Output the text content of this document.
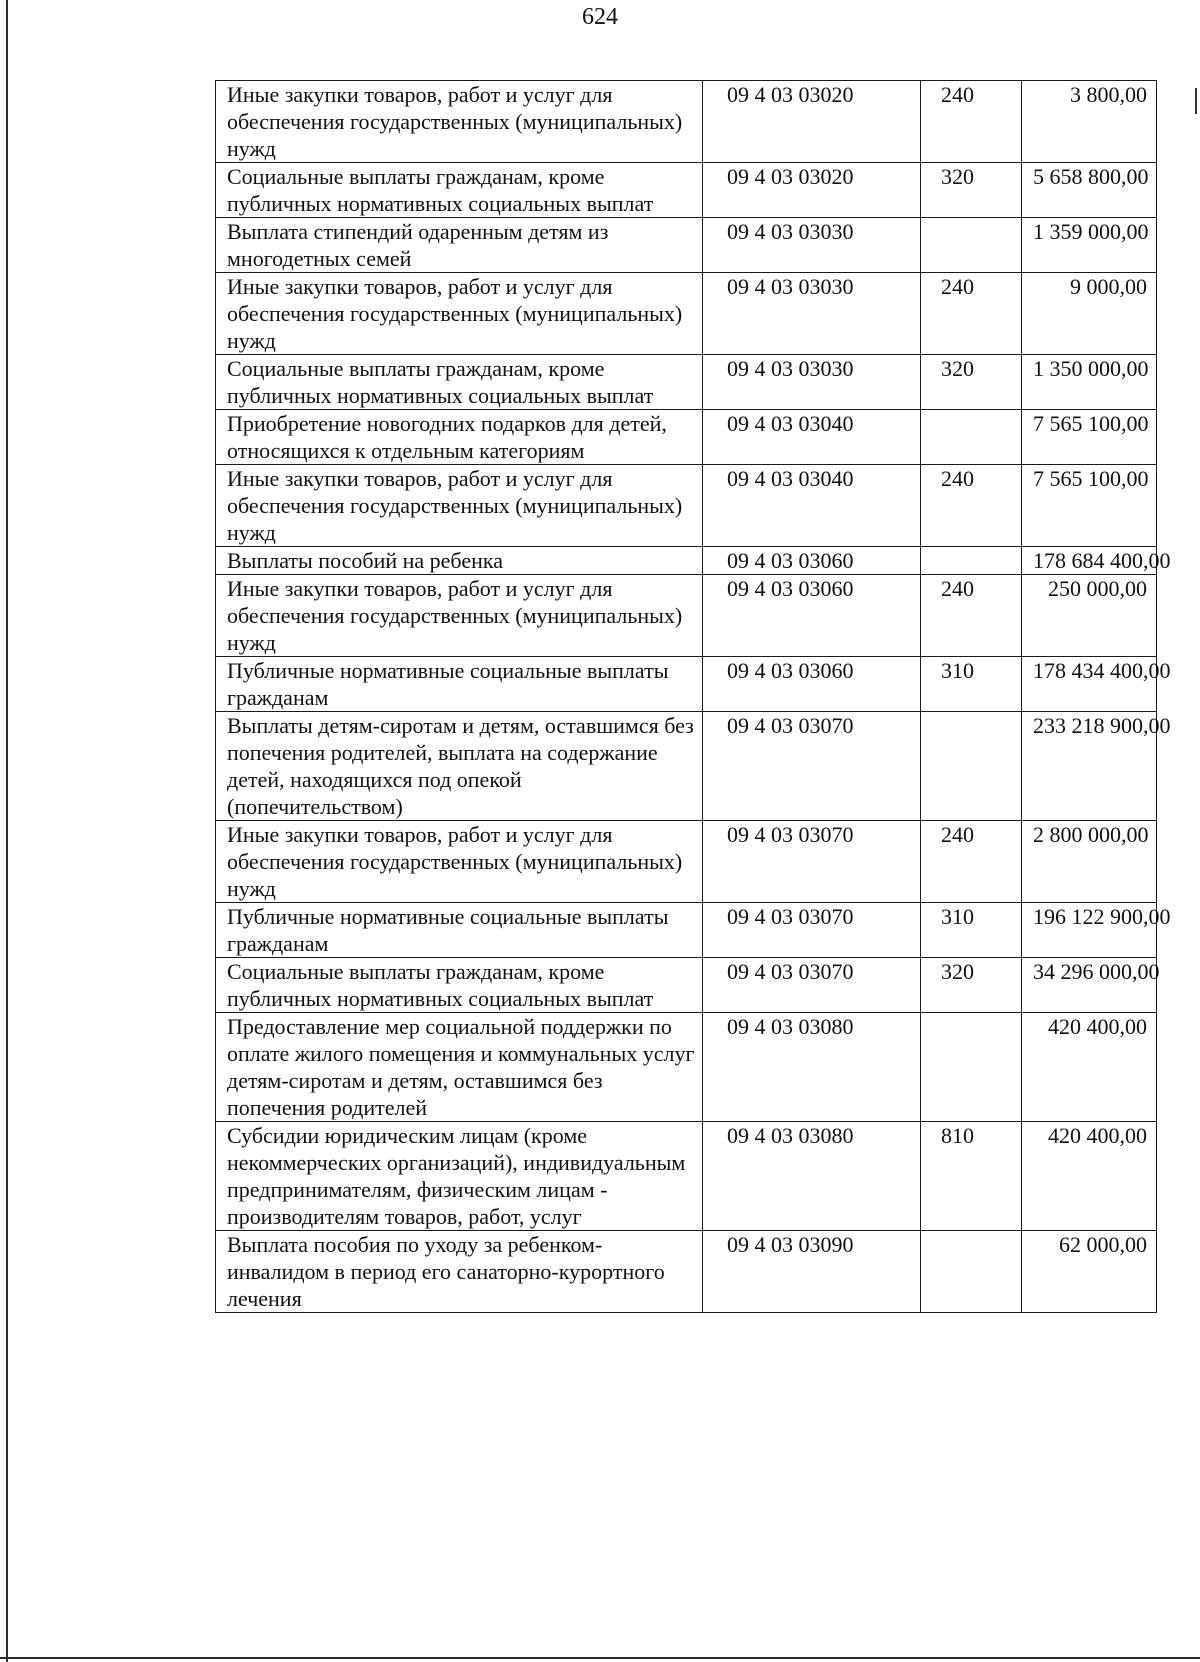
624
Иные закупки товаров, работ и услуг для обеспечения государственных (муниципальных) нужд	09 4 03 03020	240	3 800,00
Социальные выплаты гражданам, кроме публичных нормативных социальных выплат	09 4 03 03020	320	5 658 800,00
Выплата стипендий одаренным детям из многодетных семей	09 4 03 03030		1 359 000,00
Иные закупки товаров, работ и услуг для обеспечения государственных (муниципальных) нужд	09 4 03 03030	240	9 000,00
Социальные выплаты гражданам, кроме публичных нормативных социальных выплат	09 4 03 03030	320	1 350 000,00
Приобретение новогодних подарков для детей, относящихся к отдельным категориям	09 4 03 03040		7 565 100,00
Иные закупки товаров, работ и услуг для обеспечения государственных (муниципальных) нужд	09 4 03 03040	240	7 565 100,00
Выплаты пособий на ребенка	09 4 03 03060		178 684 400,00
Иные закупки товаров, работ и услуг для обеспечения государственных (муниципальных) нужд	09 4 03 03060	240	250 000,00
Публичные нормативные социальные выплаты гражданам	09 4 03 03060	310	178 434 400,00
Выплаты детям-сиротам и детям, оставшимся без попечения родителей, выплата на содержание детей, находящихся под опекой (попечительством)	09 4 03 03070		233 218 900,00
Иные закупки товаров, работ и услуг для обеспечения государственных (муниципальных) нужд	09 4 03 03070	240	2 800 000,00
Публичные нормативные социальные выплаты гражданам	09 4 03 03070	310	196 122 900,00
Социальные выплаты гражданам, кроме публичных нормативных социальных выплат	09 4 03 03070	320	34 296 000,00
Предоставление мер социальной поддержки по оплате жилого помещения и коммунальных услуг детям-сиротам и детям, оставшимся без попечения родителей	09 4 03 03080		420 400,00
Субсидии юридическим лицам (кроме некоммерческих организаций), индивидуальным предпринимателям, физическим лицам - производителям товаров, работ, услуг	09 4 03 03080	810	420 400,00
Выплата пособия по уходу за ребенком-инвалидом в период его санаторно-курортного лечения	09 4 03 03090		62 000,00
